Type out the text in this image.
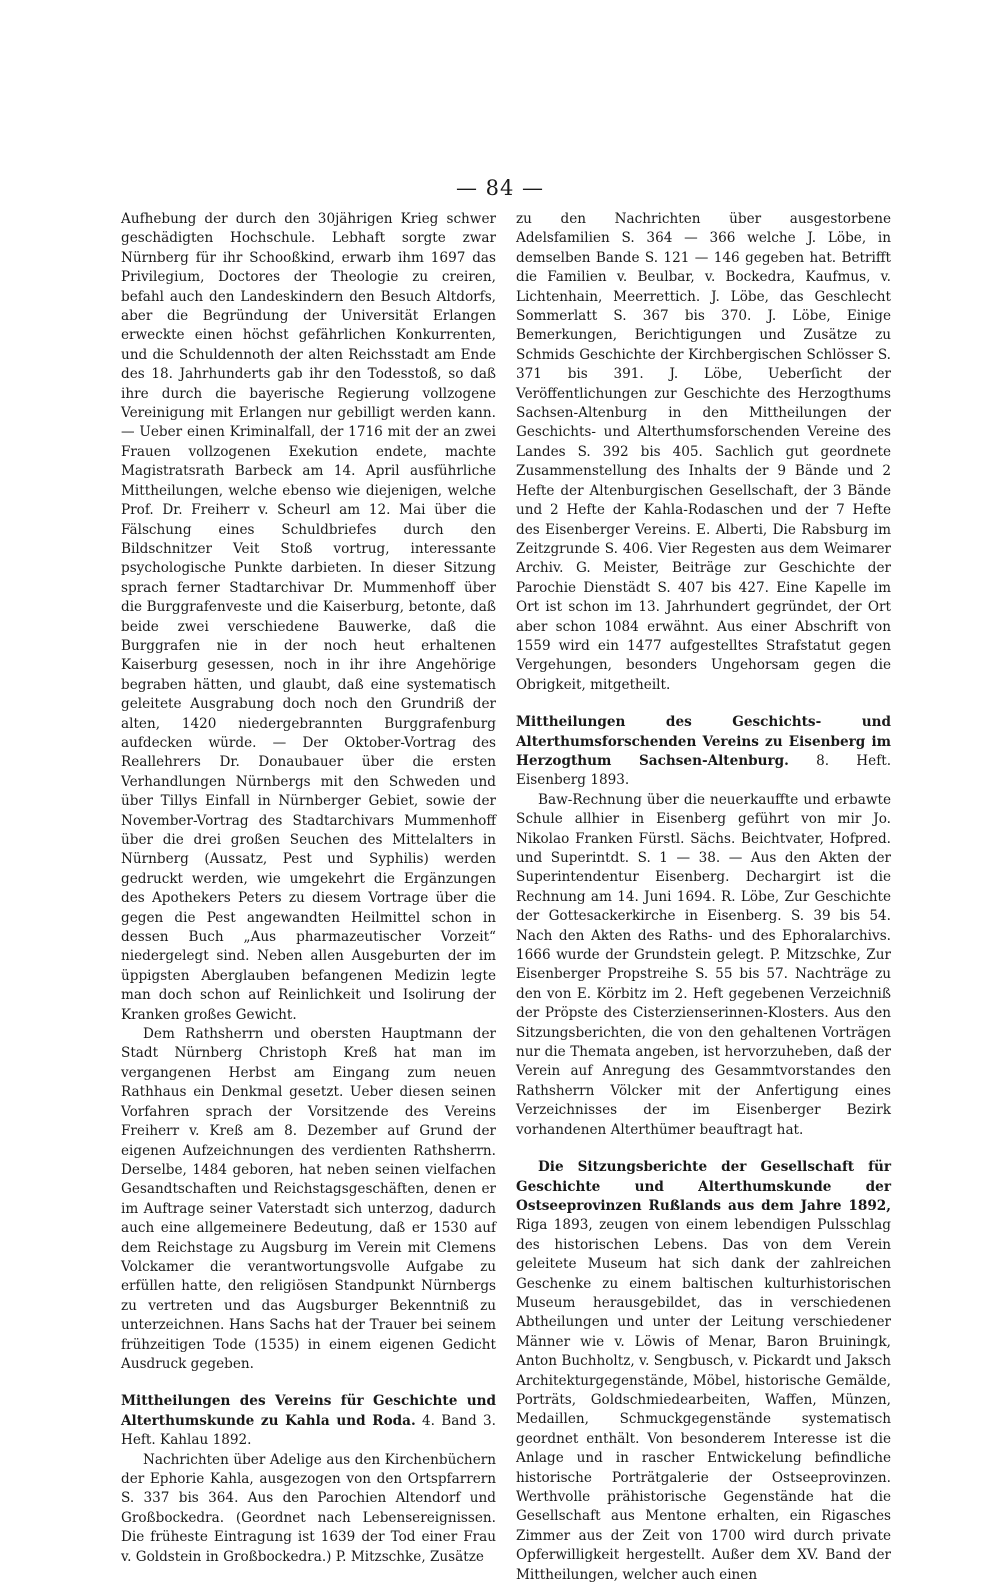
— 84 —

Aufhebung der durch den 30jährigen Krieg schwer geschädigten Hochschule. Lebhaft sorgte zwar Nürnberg für ihr Schooßkind, erwarb ihm 1697 das Privilegium, Doctores der Theologie zu creiren, befahl auch den Landeskindern den Besuch Altdorfs, aber die Begründung der Universität Erlangen erweckte einen höchst gefährlichen Konkurrenten, und die Schuldennoth der alten Reichsstadt am Ende des 18. Jahrhunderts gab ihr den Todesstoß, so daß ihre durch die bayerische Regierung vollzogene Vereinigung mit Erlangen nur gebilligt werden kann. — Ueber einen Kriminalfall, der 1716 mit der an zwei Frauen vollzogenen Exekution endete, machte Magistratsrath Barbeck am 14. April ausführliche Mittheilungen, welche ebenso wie diejenigen, welche Prof. Dr. Freiherr v. Scheurl am 12. Mai über die Fälschung eines Schuldbriefes durch den Bildschnitzer Veit Stoß vortrug, interessante psychologische Punkte darbieten. In dieser Sitzung sprach ferner Stadtarchivar Dr. Mummenhoff über die Burggrafenveste und die Kaiserburg, betonte, daß beide zwei verschiedene Bauwerke, daß die Burggrafen nie in der noch heut erhaltenen Kaiserburg gesessen, noch in ihr ihre Angehörige begraben hätten, und glaubt, daß eine systematisch geleitete Ausgrabung doch noch den Grundriß der alten, 1420 niedergebrannten Burggrafenburg aufdecken würde. — Der Oktober-Vortrag des Reallehrers Dr. Donaubauer über die ersten Verhandlungen Nürnbergs mit den Schweden und über Tillys Einfall in Nürnberger Gebiet, sowie der November-Vortrag des Stadtarchivars Mummenhoff über die drei großen Seuchen des Mittelalters in Nürnberg (Aussatz, Pest und Syphilis) werden gedruckt werden, wie umgekehrt die Ergänzungen des Apothekers Peters zu diesem Vortrage über die gegen die Pest angewandten Heilmittel schon in dessen Buch „Aus pharmazeutischer Vorzeit“ niedergelegt sind. Neben allen Ausgeburten der im üppigsten Aberglauben befangenen Medizin legte man doch schon auf Reinlichkeit und Isolirung der Kranken großes Gewicht.

Dem Rathsherrn und obersten Hauptmann der Stadt Nürnberg Christoph Kreß hat man im vergangenen Herbst am Eingang zum neuen Rathhaus ein Denkmal gesetzt. Ueber diesen seinen Vorfahren sprach der Vorsitzende des Vereins Freiherr v. Kreß am 8. Dezember auf Grund der eigenen Aufzeichnungen des verdienten Rathsherrn. Derselbe, 1484 geboren, hat neben seinen vielfachen Gesandtschaften und Reichstagsgeschäften, denen er im Auftrage seiner Vaterstadt sich unterzog, dadurch auch eine allgemeinere Bedeutung, daß er 1530 auf dem Reichstage zu Augsburg im Verein mit Clemens Volckamer die verantwortungsvolle Aufgabe zu erfüllen hatte, den religiösen Standpunkt Nürnbergs zu vertreten und das Augsburger Bekenntniß zu unterzeichnen. Hans Sachs hat der Trauer bei seinem frühzeitigen Tode (1535) in einem eigenen Gedicht Ausdruck gegeben.

Mittheilungen des Vereins für Geschichte und Alterthumskunde zu Kahla und Roda. 4. Band 3. Heft. Kahlau 1892.

Nachrichten über Adelige aus den Kirchenbüchern der Ephorie Kahla, ausgezogen von den Ortspfarrern S. 337 bis 364. Aus den Parochien Altendorf und Großbockedra. (Geordnet nach Lebensereignissen. Die früheste Eintragung ist 1639 der Tod einer Frau v. Goldstein in Großbockedra.) P. Mitzschke, Zusätze

zu den Nachrichten über ausgestorbene Adelsfamilien S. 364 — 366 welche J. Löbe, in demselben Bande S. 121 — 146 gegeben hat. Betrifft die Familien v. Beulbar, v. Bockedra, Kaufmus, v. Lichtenhain, Meerrettich. J. Löbe, das Geschlecht Sommerlatt S. 367 bis 370. J. Löbe, Einige Bemerkungen, Berichtigungen und Zusätze zu Schmids Geschichte der Kirchbergischen Schlösser S. 371 bis 391. J. Löbe, Ueberſicht der Veröffentlichungen zur Geschichte des Herzogthums Sachsen-Altenburg in den Mittheilungen der Geschichts- und Alterthumsforschenden Vereine des Landes S. 392 bis 405. Sachlich gut geordnete Zusammenstellung des Inhalts der 9 Bände und 2 Hefte der Altenburgischen Gesellschaft, der 3 Bände und 2 Hefte der Kahla-Rodaschen und der 7 Hefte des Eisenberger Vereins. E. Alberti, Die Rabsburg im Zeitzgrunde S. 406. Vier Regesten aus dem Weimarer Archiv. G. Meister, Beiträge zur Geschichte der Parochie Dienstädt S. 407 bis 427. Eine Kapelle im Ort ist schon im 13. Jahrhundert gegründet, der Ort aber schon 1084 erwähnt. Aus einer Abschrift von 1559 wird ein 1477 aufgestelltes Strafstatut gegen Vergehungen, besonders Ungehorsam gegen die Obrigkeit, mitgetheilt.

Mittheilungen des Geschichts- und Alterthumsforschenden Vereins zu Eisenberg im Herzogthum Sachsen-Altenburg. 8. Heft. Eisenberg 1893.

Baw-Rechnung über die neuerkauffte und erbawte Schule allhier in Eisenberg geführt von mir Jo. Nikolao Franken Fürstl. Sächs. Beichtvater, Hofpred. und Superintdt. S. 1 — 38. — Aus den Akten der Superintendentur Eisenberg. Dechargirt ist die Rechnung am 14. Juni 1694. R. Löbe, Zur Geschichte der Gottesackerkirche in Eisenberg. S. 39 bis 54. Nach den Akten des Raths- und des Ephoralarchivs. 1666 wurde der Grundstein gelegt. P. Mitzschke, Zur Eisenberger Propstreihe S. 55 bis 57. Nachträge zu den von E. Körbitz im 2. Heft gegebenen Verzeichniß der Pröpste des Cisterzienserinnen-Klosters. Aus den Sitzungsberichten, die von den gehaltenen Vorträgen nur die Themata angeben, ist hervorzuheben, daß der Verein auf Anregung des Gesammtvorstandes den Rathsherrn Völcker mit der Anfertigung eines Verzeichnisses der im Eisenberger Bezirk vorhandenen Alterthümer beauftragt hat.

Die Sitzungsberichte der Gesellschaft für Geschichte und Alterthumskunde der Ostseeprovinzen Rußlands aus dem Jahre 1892, Riga 1893, zeugen von einem lebendigen Pulsschlag des historischen Lebens. Das von dem Verein geleitete Museum hat sich dank der zahlreichen Geschenke zu einem baltischen kulturhistorischen Museum herausgebildet, das in verschiedenen Abtheilungen und unter der Leitung verschiedener Männer wie v. Löwis of Menar, Baron Bruiningk, Anton Buchholtz, v. Sengbusch, v. Pickardt und Jaksch Architekturgegenstände, Möbel, historische Gemälde, Porträts, Goldschmiedearbeiten, Waffen, Münzen, Medaillen, Schmuckgegenstände systematisch geordnet enthält. Von besonderem Interesse ist die Anlage und in rascher Entwickelung befindliche historische Porträtgalerie der Ostseeprovinzen. Werthvolle prähistorische Gegenstände hat die Gesellschaft aus Mentone erhalten, ein Rigasches Zimmer aus der Zeit von 1700 wird durch private Opferwilligkeit hergestellt. Außer dem XV. Band der Mittheilungen, welcher auch einen
